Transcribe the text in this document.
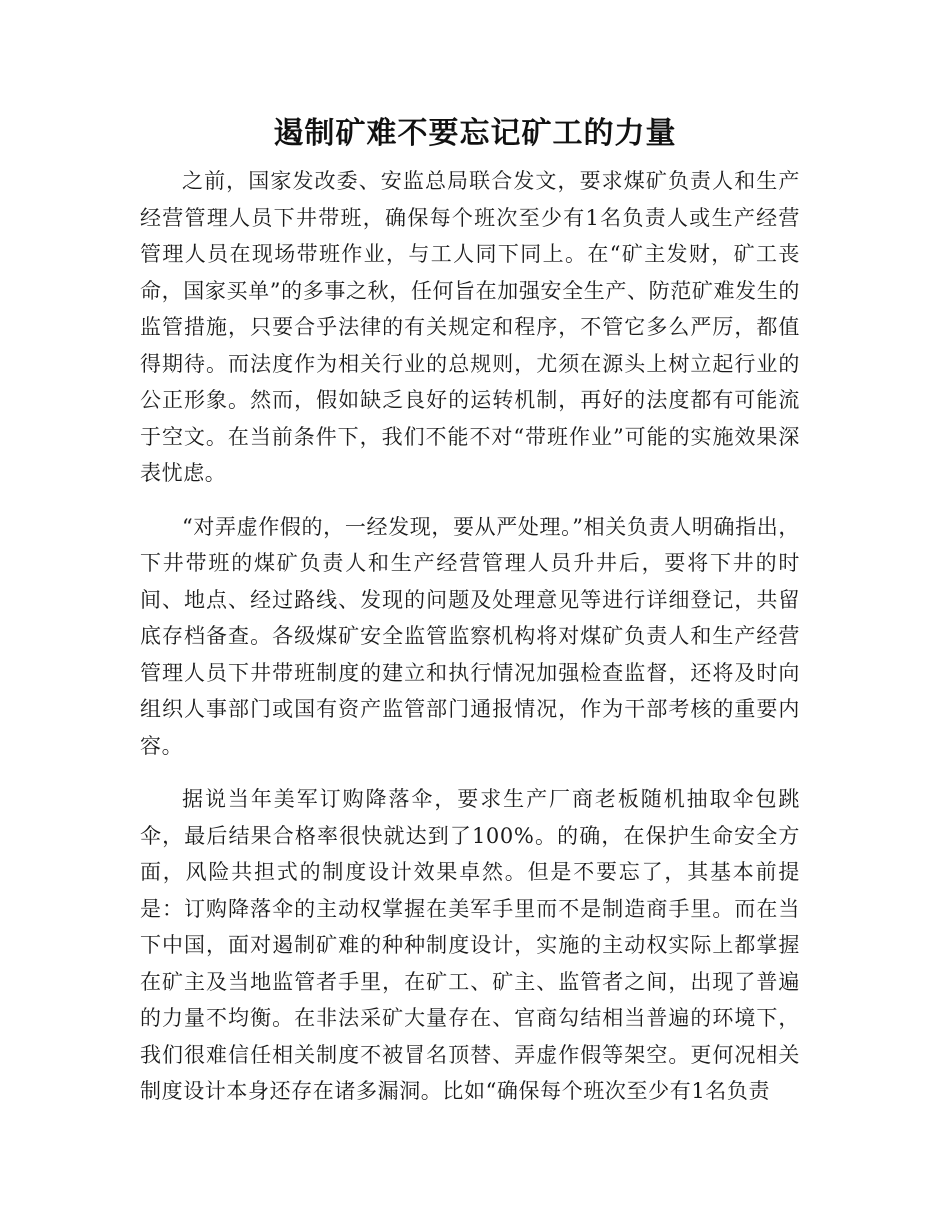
遏制矿难不要忘记矿工的力量

之前，国家发改委、安监总局联合发文，要求煤矿负责人和生产经营管理人员下井带班，确保每个班次至少有1名负责人或生产经营管理人员在现场带班作业，与工人同下同上。在“矿主发财，矿工丧命，国家买单”的多事之秋，任何旨在加强安全生产、防范矿难发生的监管措施，只要合乎法律的有关规定和程序，不管它多么严厉，都值得期待。而法度作为相关行业的总规则，尤须在源头上树立起行业的公正形象。然而，假如缺乏良好的运转机制，再好的法度都有可能流于空文。在当前条件下，我们不能不对“带班作业”可能的实施效果深表忧虑。

“对弄虚作假的，一经发现，要从严处理。”相关负责人明确指出，下井带班的煤矿负责人和生产经营管理人员升井后，要将下井的时间、地点、经过路线、发现的问题及处理意见等进行详细登记，共留底存档备查。各级煤矿安全监管监察机构将对煤矿负责人和生产经营管理人员下井带班制度的建立和执行情况加强检查监督，还将及时向组织人事部门或国有资产监管部门通报情况，作为干部考核的重要内容。

据说当年美军订购降落伞，要求生产厂商老板随机抽取伞包跳伞，最后结果合格率很快就达到了100%。的确，在保护生命安全方面，风险共担式的制度设计效果卓然。但是不要忘了，其基本前提是：订购降落伞的主动权掌握在美军手里而不是制造商手里。而在当下中国，面对遏制矿难的种种制度设计，实施的主动权实际上都掌握在矿主及当地监管者手里，在矿工、矿主、监管者之间，出现了普遍的力量不均衡。在非法采矿大量存在、官商勾结相当普遍的环境下，我们很难信任相关制度不被冒名顶替、弄虚作假等架空。更何况相关制度设计本身还存在诸多漏洞。比如“确保每个班次至少有1名负责
